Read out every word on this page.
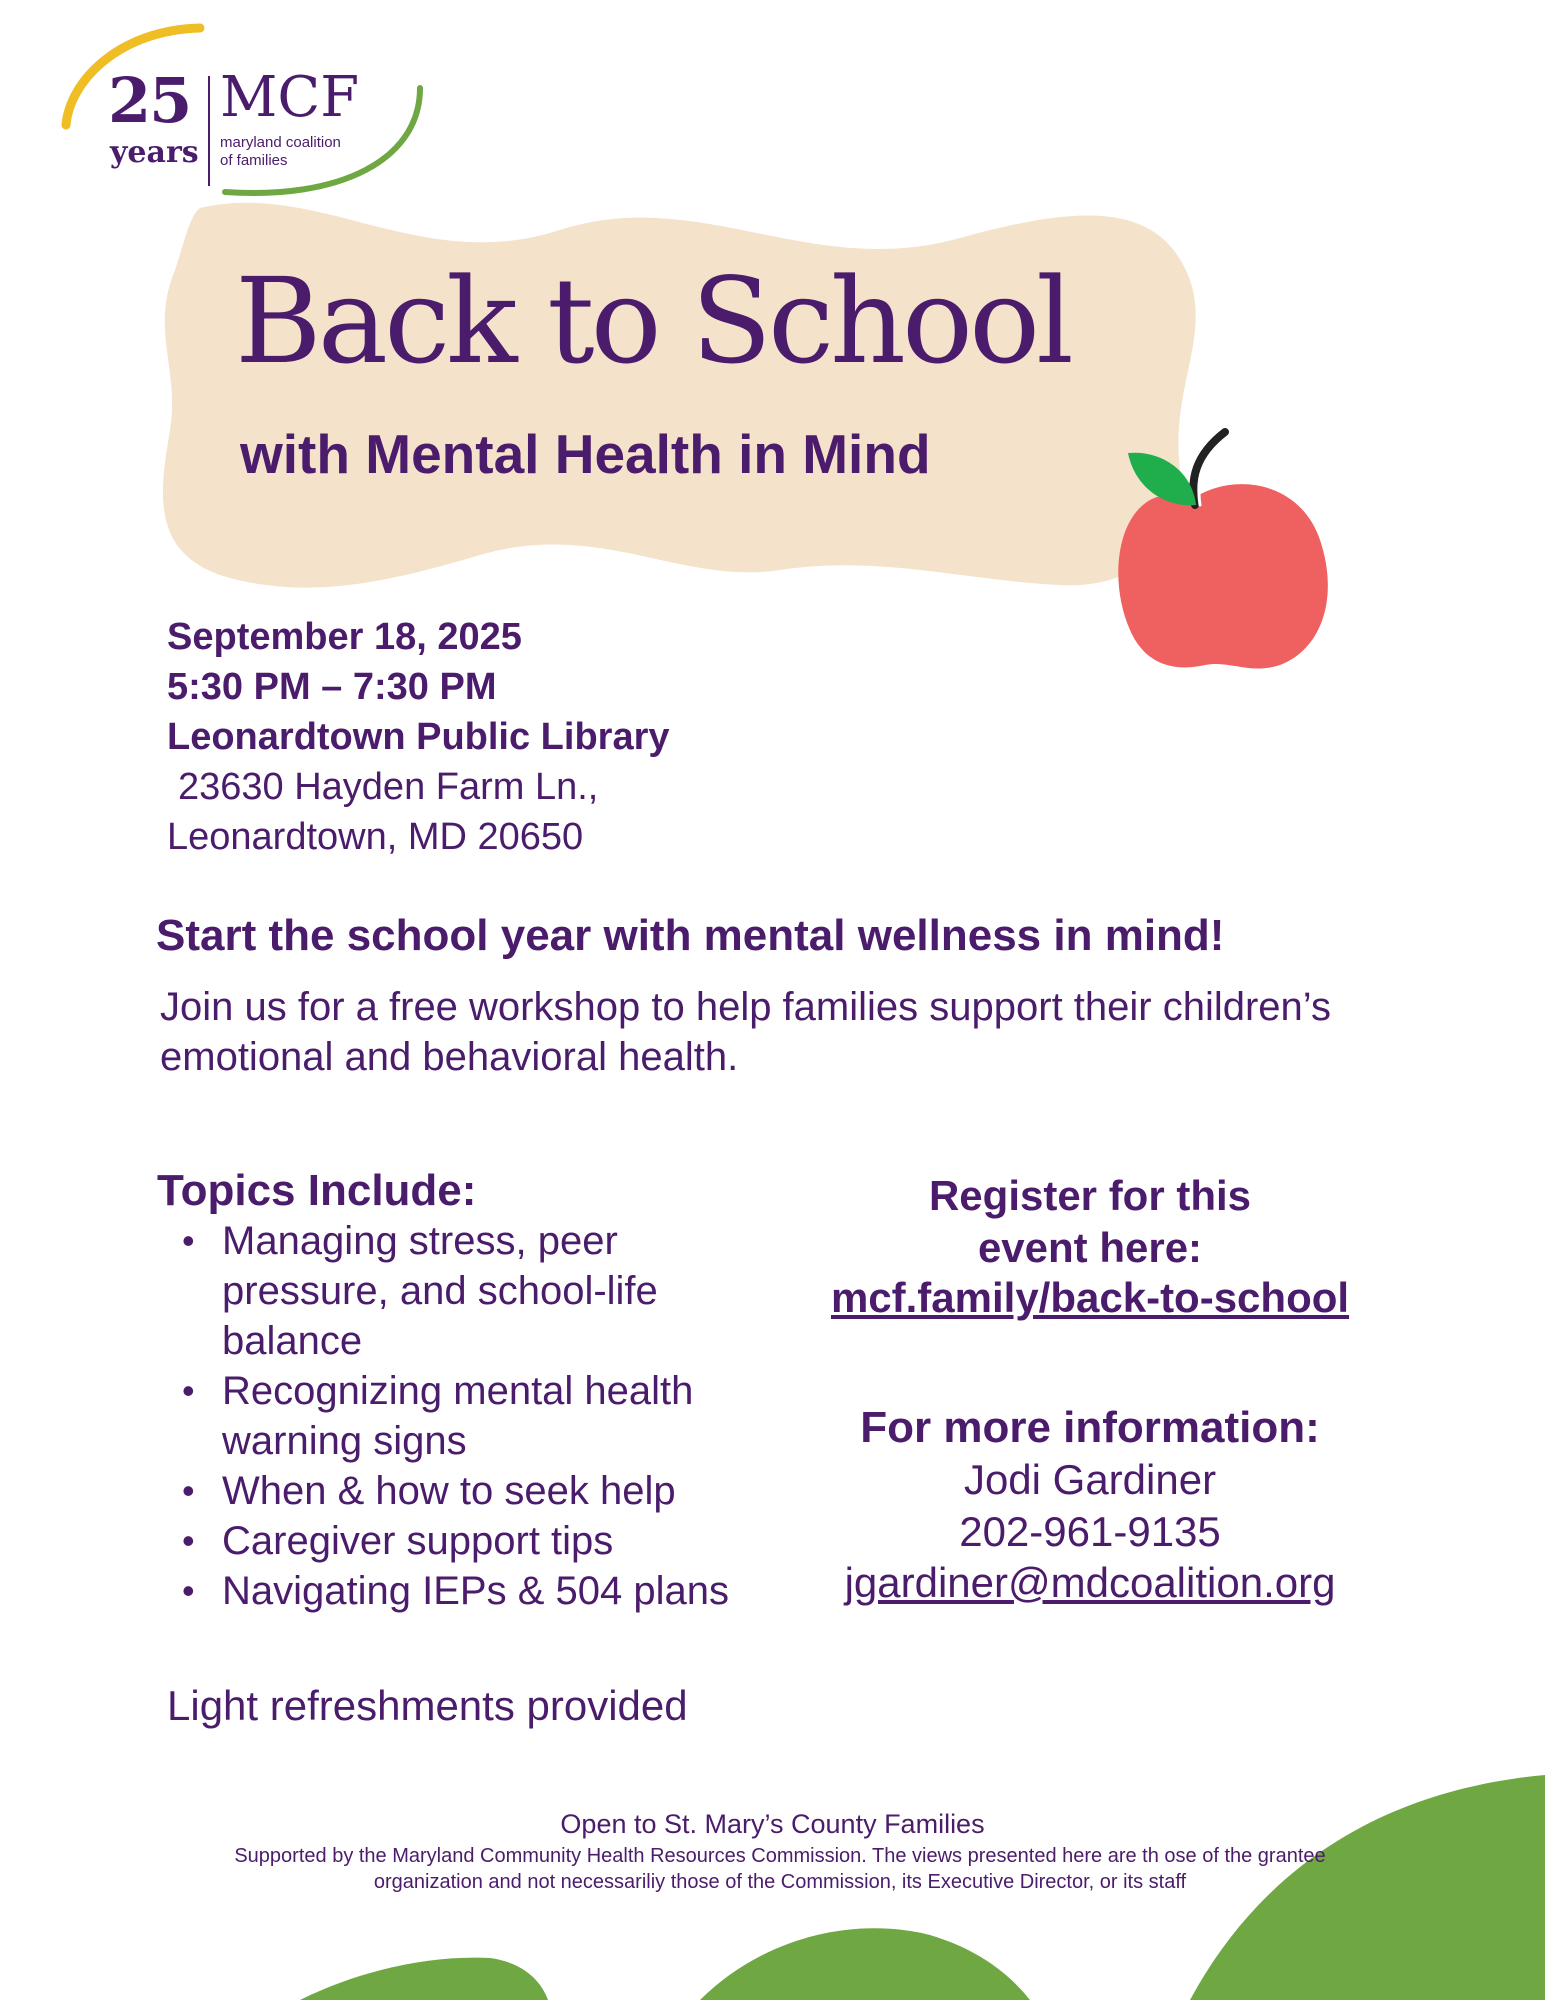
25
years
MCF
maryland coalition
of families
Back to School
with Mental Health in Mind
September 18, 2025
5:30 PM – 7:30 PM
Leonardtown Public Library
23630 Hayden Farm Ln.,
Leonardtown, MD 20650
Start the school year with mental wellness in mind!
Join us for a free workshop to help families support their children’s emotional and behavioral health.
Topics Include:
• Managing stress, peer pressure, and school-life balance
• Recognizing mental health warning signs
• When & how to seek help
• Caregiver support tips
• Navigating IEPs & 504 plans
Light refreshments provided
Register for this
event here:
mcf.family/back-to-school
For more information:
Jodi Gardiner
202-961-9135
jgardiner@mdcoalition.org
Open to St. Mary’s County Families
Supported by the Maryland Community Health Resources Commission. The views presented here are th ose of the grantee organization and not necessariliy those of the Commission, its Executive Director, or its staff
